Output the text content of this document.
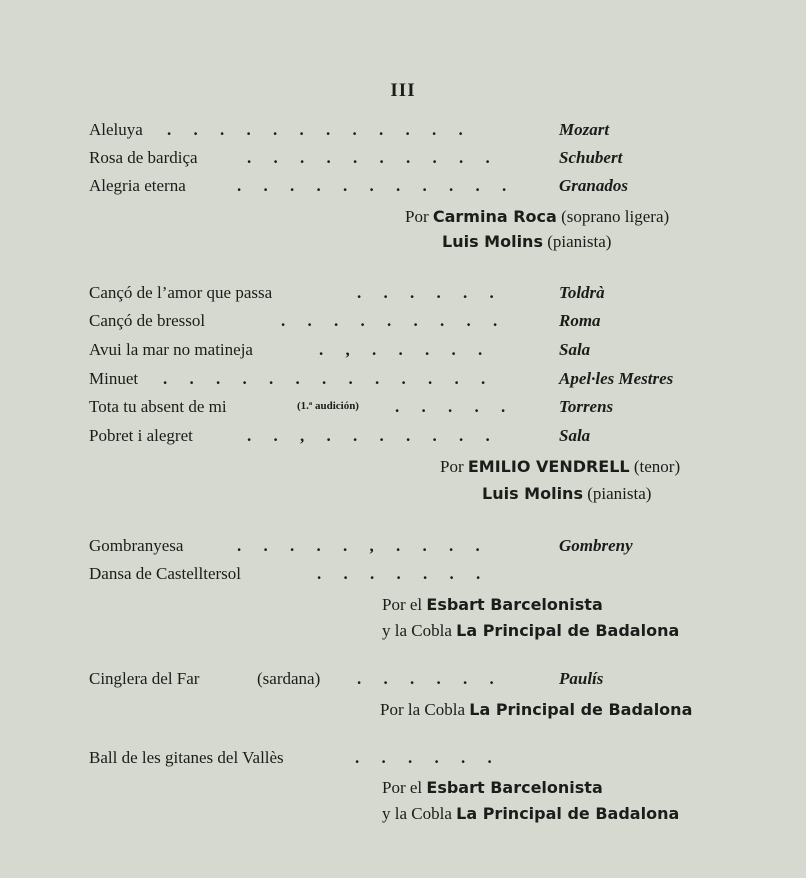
III
Aleluya . . . . . . . . . . . .	Mozart
Rosa de bardiça	. . . . . . . . . .	Schubert
Alegria eterna	. . . . . . . . . . .	Granados
Por Carmina Roca (soprano ligera)
Luis Molins (pianista)
Cançó de l’amor que passa	. . . . . .	Toldrà
Cançó de bressol	. . . . . . . . .	Roma
Avui la mar no matineja	. , . . . . .	Sala
Minuet . . . . . . . . . . . . .	Apel·les Mestres
Tota tu absent de mi	(1.ª audición) . . . . .	Torrens
Pobret i alegret	. . , . . . . . . .	Sala
Por EMILIO VENDRELL (tenor)
Luis Molins (pianista)
Gombranyesa	. . . . . , . . . .	Gombreny
Dansa de Castelltersol	. . . . . . .
Por el Esbart Barcelonista
y la Cobla La Principal de Badalona
Cinglera del Far	(sardana) . . . . . .	Paulís
Por la Cobla La Principal de Badalona
Ball de les gitanes del Vallès	. . . . . .
Por el Esbart Barcelonista
y la Cobla La Principal de Badalona
